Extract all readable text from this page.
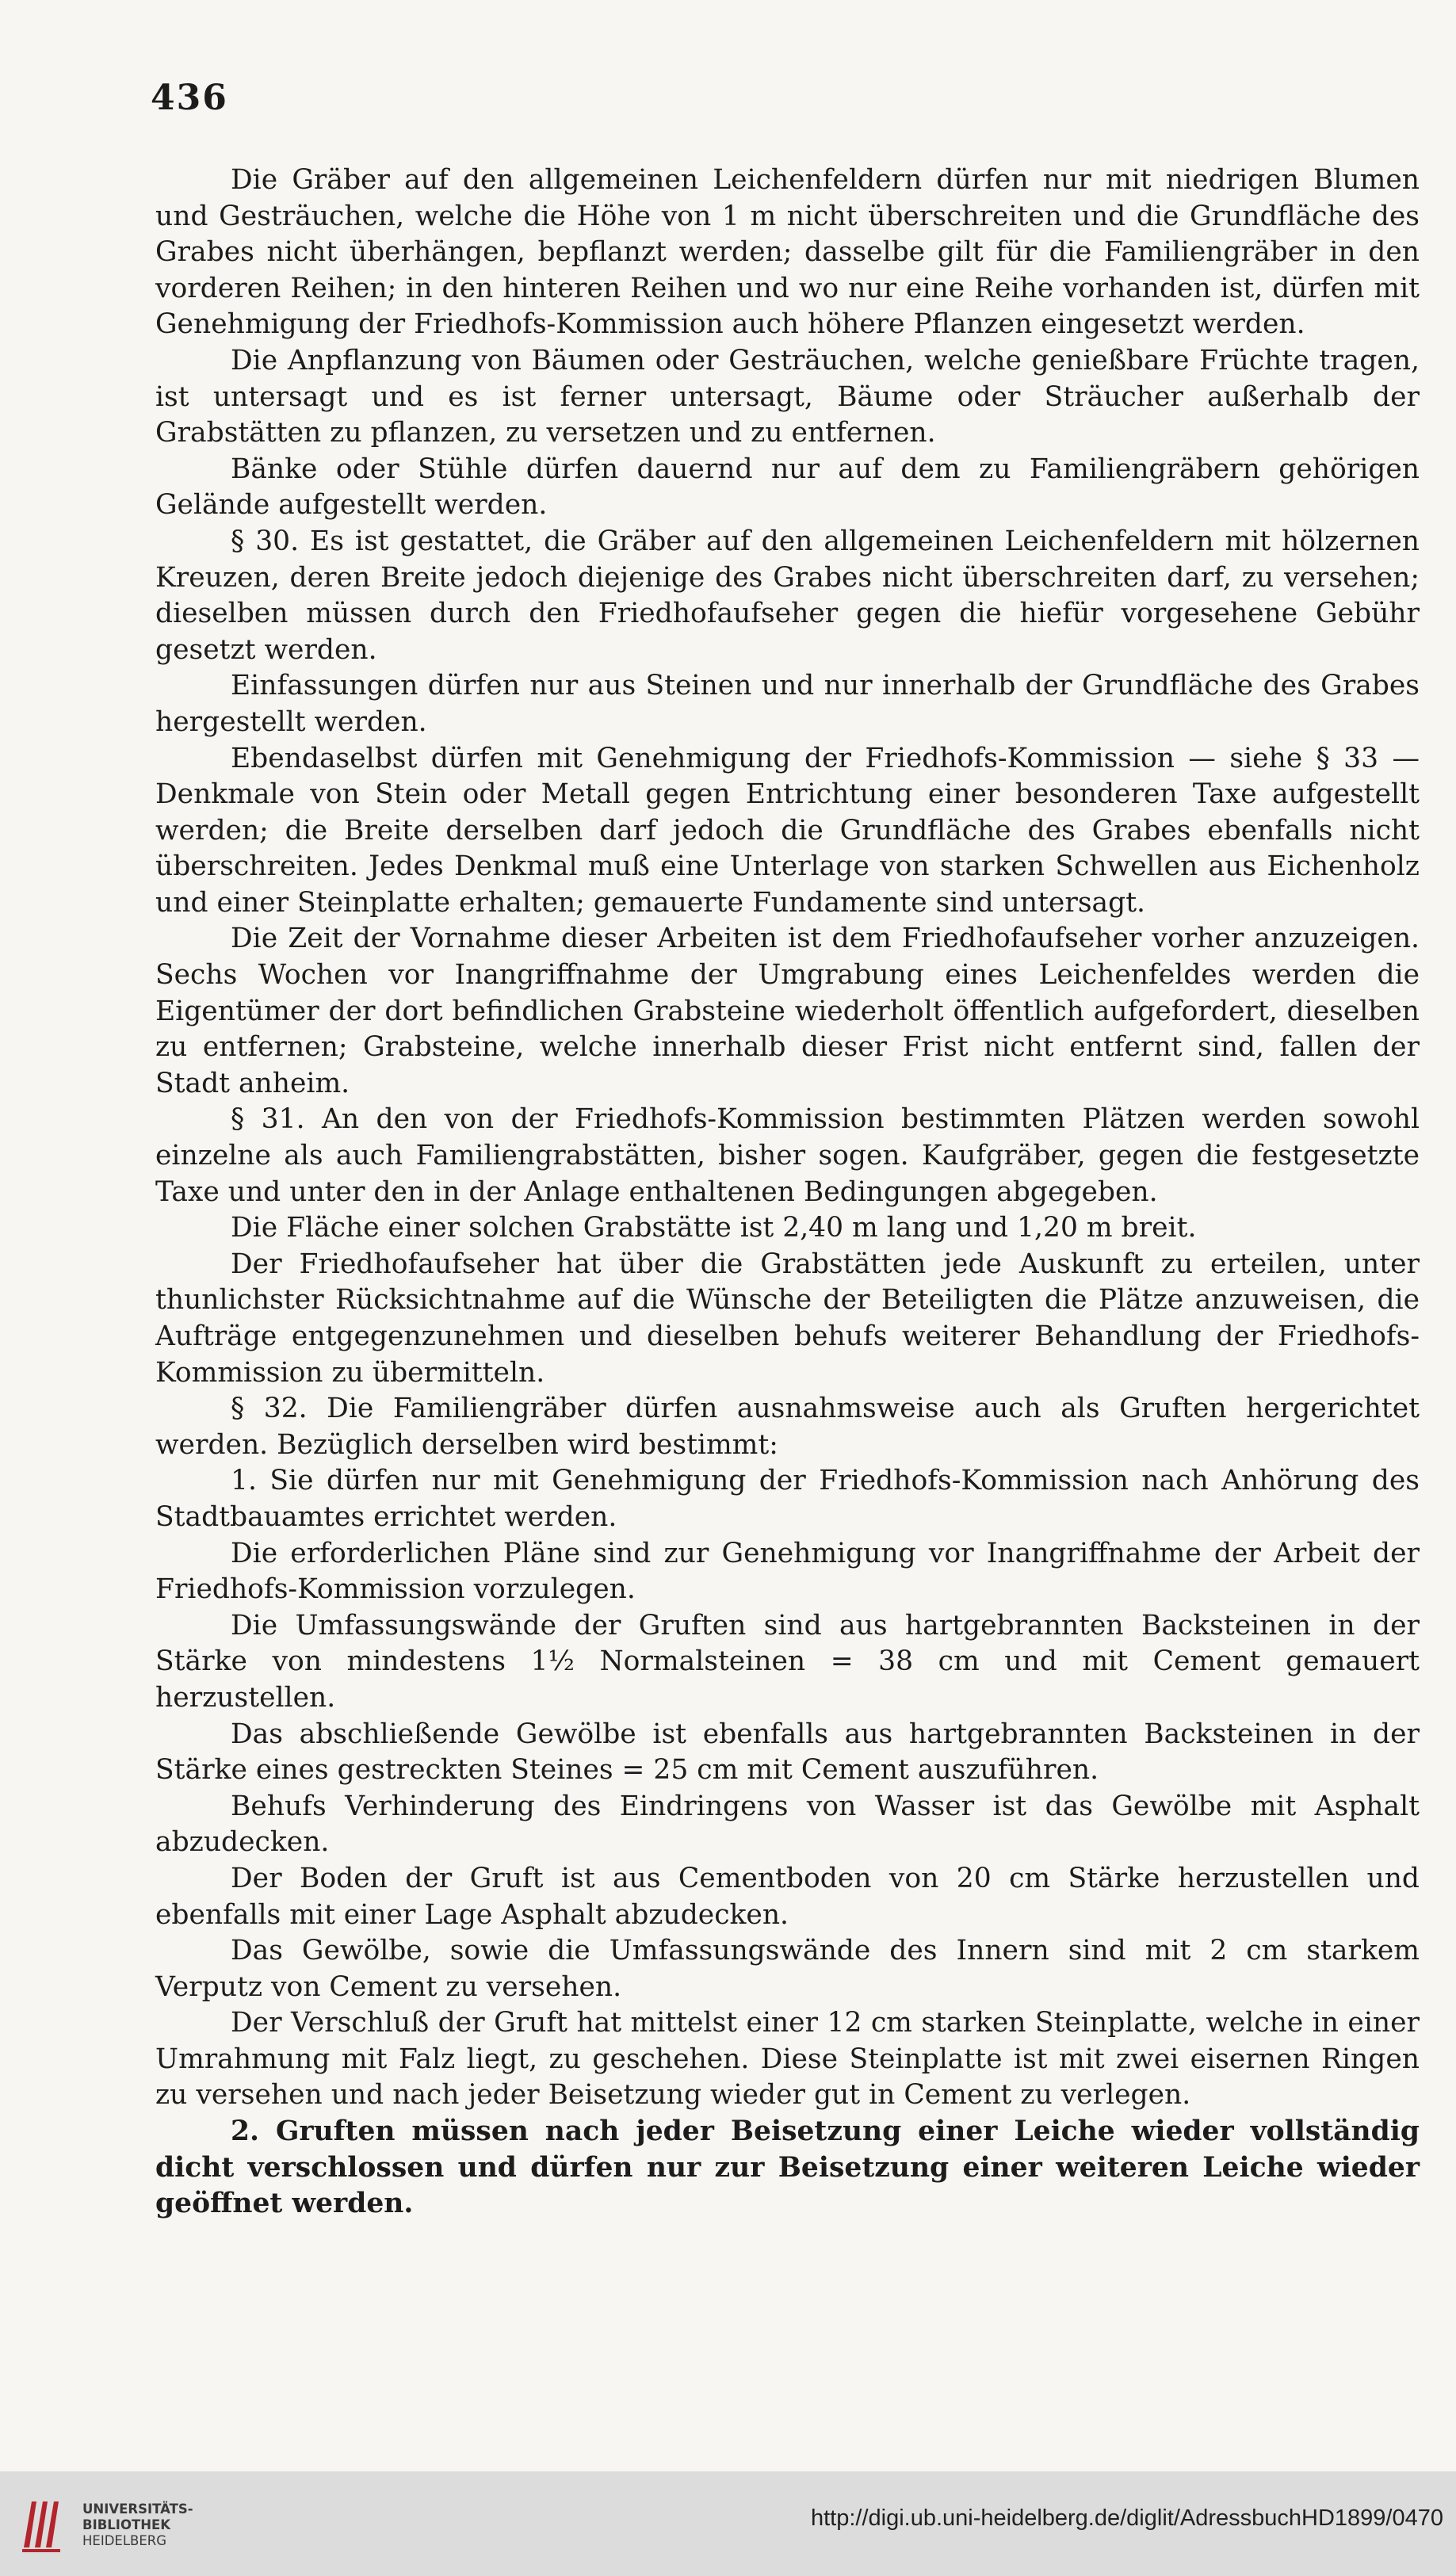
436

Die Gräber auf den allgemeinen Leichenfeldern dürfen nur mit niedrigen Blumen und Gesträuchen, welche die Höhe von 1 m nicht überschreiten und die Grundfläche des Grabes nicht überhängen, bepflanzt werden; dasselbe gilt für die Familiengräber in den vorderen Reihen; in den hinteren Reihen und wo nur eine Reihe vorhanden ist, dürfen mit Genehmigung der Friedhofs-Kommission auch höhere Pflanzen eingesetzt werden.

Die Anpflanzung von Bäumen oder Gesträuchen, welche genießbare Früchte tragen, ist untersagt und es ist ferner untersagt, Bäume oder Sträucher außerhalb der Grabstätten zu pflanzen, zu versetzen und zu entfernen.

Bänke oder Stühle dürfen dauernd nur auf dem zu Familiengräbern gehörigen Gelände aufgestellt werden.

§ 30. Es ist gestattet, die Gräber auf den allgemeinen Leichenfeldern mit hölzernen Kreuzen, deren Breite jedoch diejenige des Grabes nicht überschreiten darf, zu versehen; dieselben müssen durch den Friedhofaufseher gegen die hiefür vorgesehene Gebühr gesetzt werden.

Einfassungen dürfen nur aus Steinen und nur innerhalb der Grundfläche des Grabes hergestellt werden.

Ebendaselbst dürfen mit Genehmigung der Friedhofs-Kommission — siehe § 33 — Denkmale von Stein oder Metall gegen Entrichtung einer besonderen Taxe aufgestellt werden; die Breite derselben darf jedoch die Grundfläche des Grabes ebenfalls nicht überschreiten. Jedes Denkmal muß eine Unterlage von starken Schwellen aus Eichenholz und einer Steinplatte erhalten; gemauerte Fundamente sind untersagt.

Die Zeit der Vornahme dieser Arbeiten ist dem Friedhofaufseher vorher anzuzeigen. Sechs Wochen vor Inangriffnahme der Umgrabung eines Leichenfeldes werden die Eigentümer der dort befindlichen Grabsteine wiederholt öffentlich aufgefordert, dieselben zu entfernen; Grabsteine, welche innerhalb dieser Frist nicht entfernt sind, fallen der Stadt anheim.

§ 31. An den von der Friedhofs-Kommission bestimmten Plätzen werden sowohl einzelne als auch Familiengrabstätten, bisher sogen. Kaufgräber, gegen die festgesetzte Taxe und unter den in der Anlage enthaltenen Bedingungen abgegeben.

Die Fläche einer solchen Grabstätte ist 2,40 m lang und 1,20 m breit.

Der Friedhofaufseher hat über die Grabstätten jede Auskunft zu erteilen, unter thunlichster Rücksichtnahme auf die Wünsche der Beteiligten die Plätze anzuweisen, die Aufträge entgegenzunehmen und dieselben behufs weiterer Behandlung der Friedhofs-Kommission zu übermitteln.

§ 32. Die Familiengräber dürfen ausnahmsweise auch als Gruften hergerichtet werden. Bezüglich derselben wird bestimmt:

1. Sie dürfen nur mit Genehmigung der Friedhofs-Kommission nach Anhörung des Stadtbauamtes errichtet werden.

Die erforderlichen Pläne sind zur Genehmigung vor Inangriffnahme der Arbeit der Friedhofs-Kommission vorzulegen.

Die Umfassungswände der Gruften sind aus hartgebrannten Backsteinen in der Stärke von mindestens 1½ Normalsteinen = 38 cm und mit Cement gemauert herzustellen.

Das abschließende Gewölbe ist ebenfalls aus hartgebrannten Backsteinen in der Stärke eines gestreckten Steines = 25 cm mit Cement auszuführen.

Behufs Verhinderung des Eindringens von Wasser ist das Gewölbe mit Asphalt abzudecken.

Der Boden der Gruft ist aus Cementboden von 20 cm Stärke herzustellen und ebenfalls mit einer Lage Asphalt abzudecken.

Das Gewölbe, sowie die Umfassungswände des Innern sind mit 2 cm starkem Verputz von Cement zu versehen.

Der Verschluß der Gruft hat mittelst einer 12 cm starken Steinplatte, welche in einer Umrahmung mit Falz liegt, zu geschehen. Diese Steinplatte ist mit zwei eisernen Ringen zu versehen und nach jeder Beisetzung wieder gut in Cement zu verlegen.

2. Gruften müssen nach jeder Beisetzung einer Leiche wieder vollständig dicht verschlossen und dürfen nur zur Beisetzung einer weiteren Leiche wieder geöffnet werden.

UNIVERSITÄTS-
BIBLIOTHEK
HEIDELBERG
http://digi.ub.uni-heidelberg.de/diglit/AdressbuchHD1899/0470
